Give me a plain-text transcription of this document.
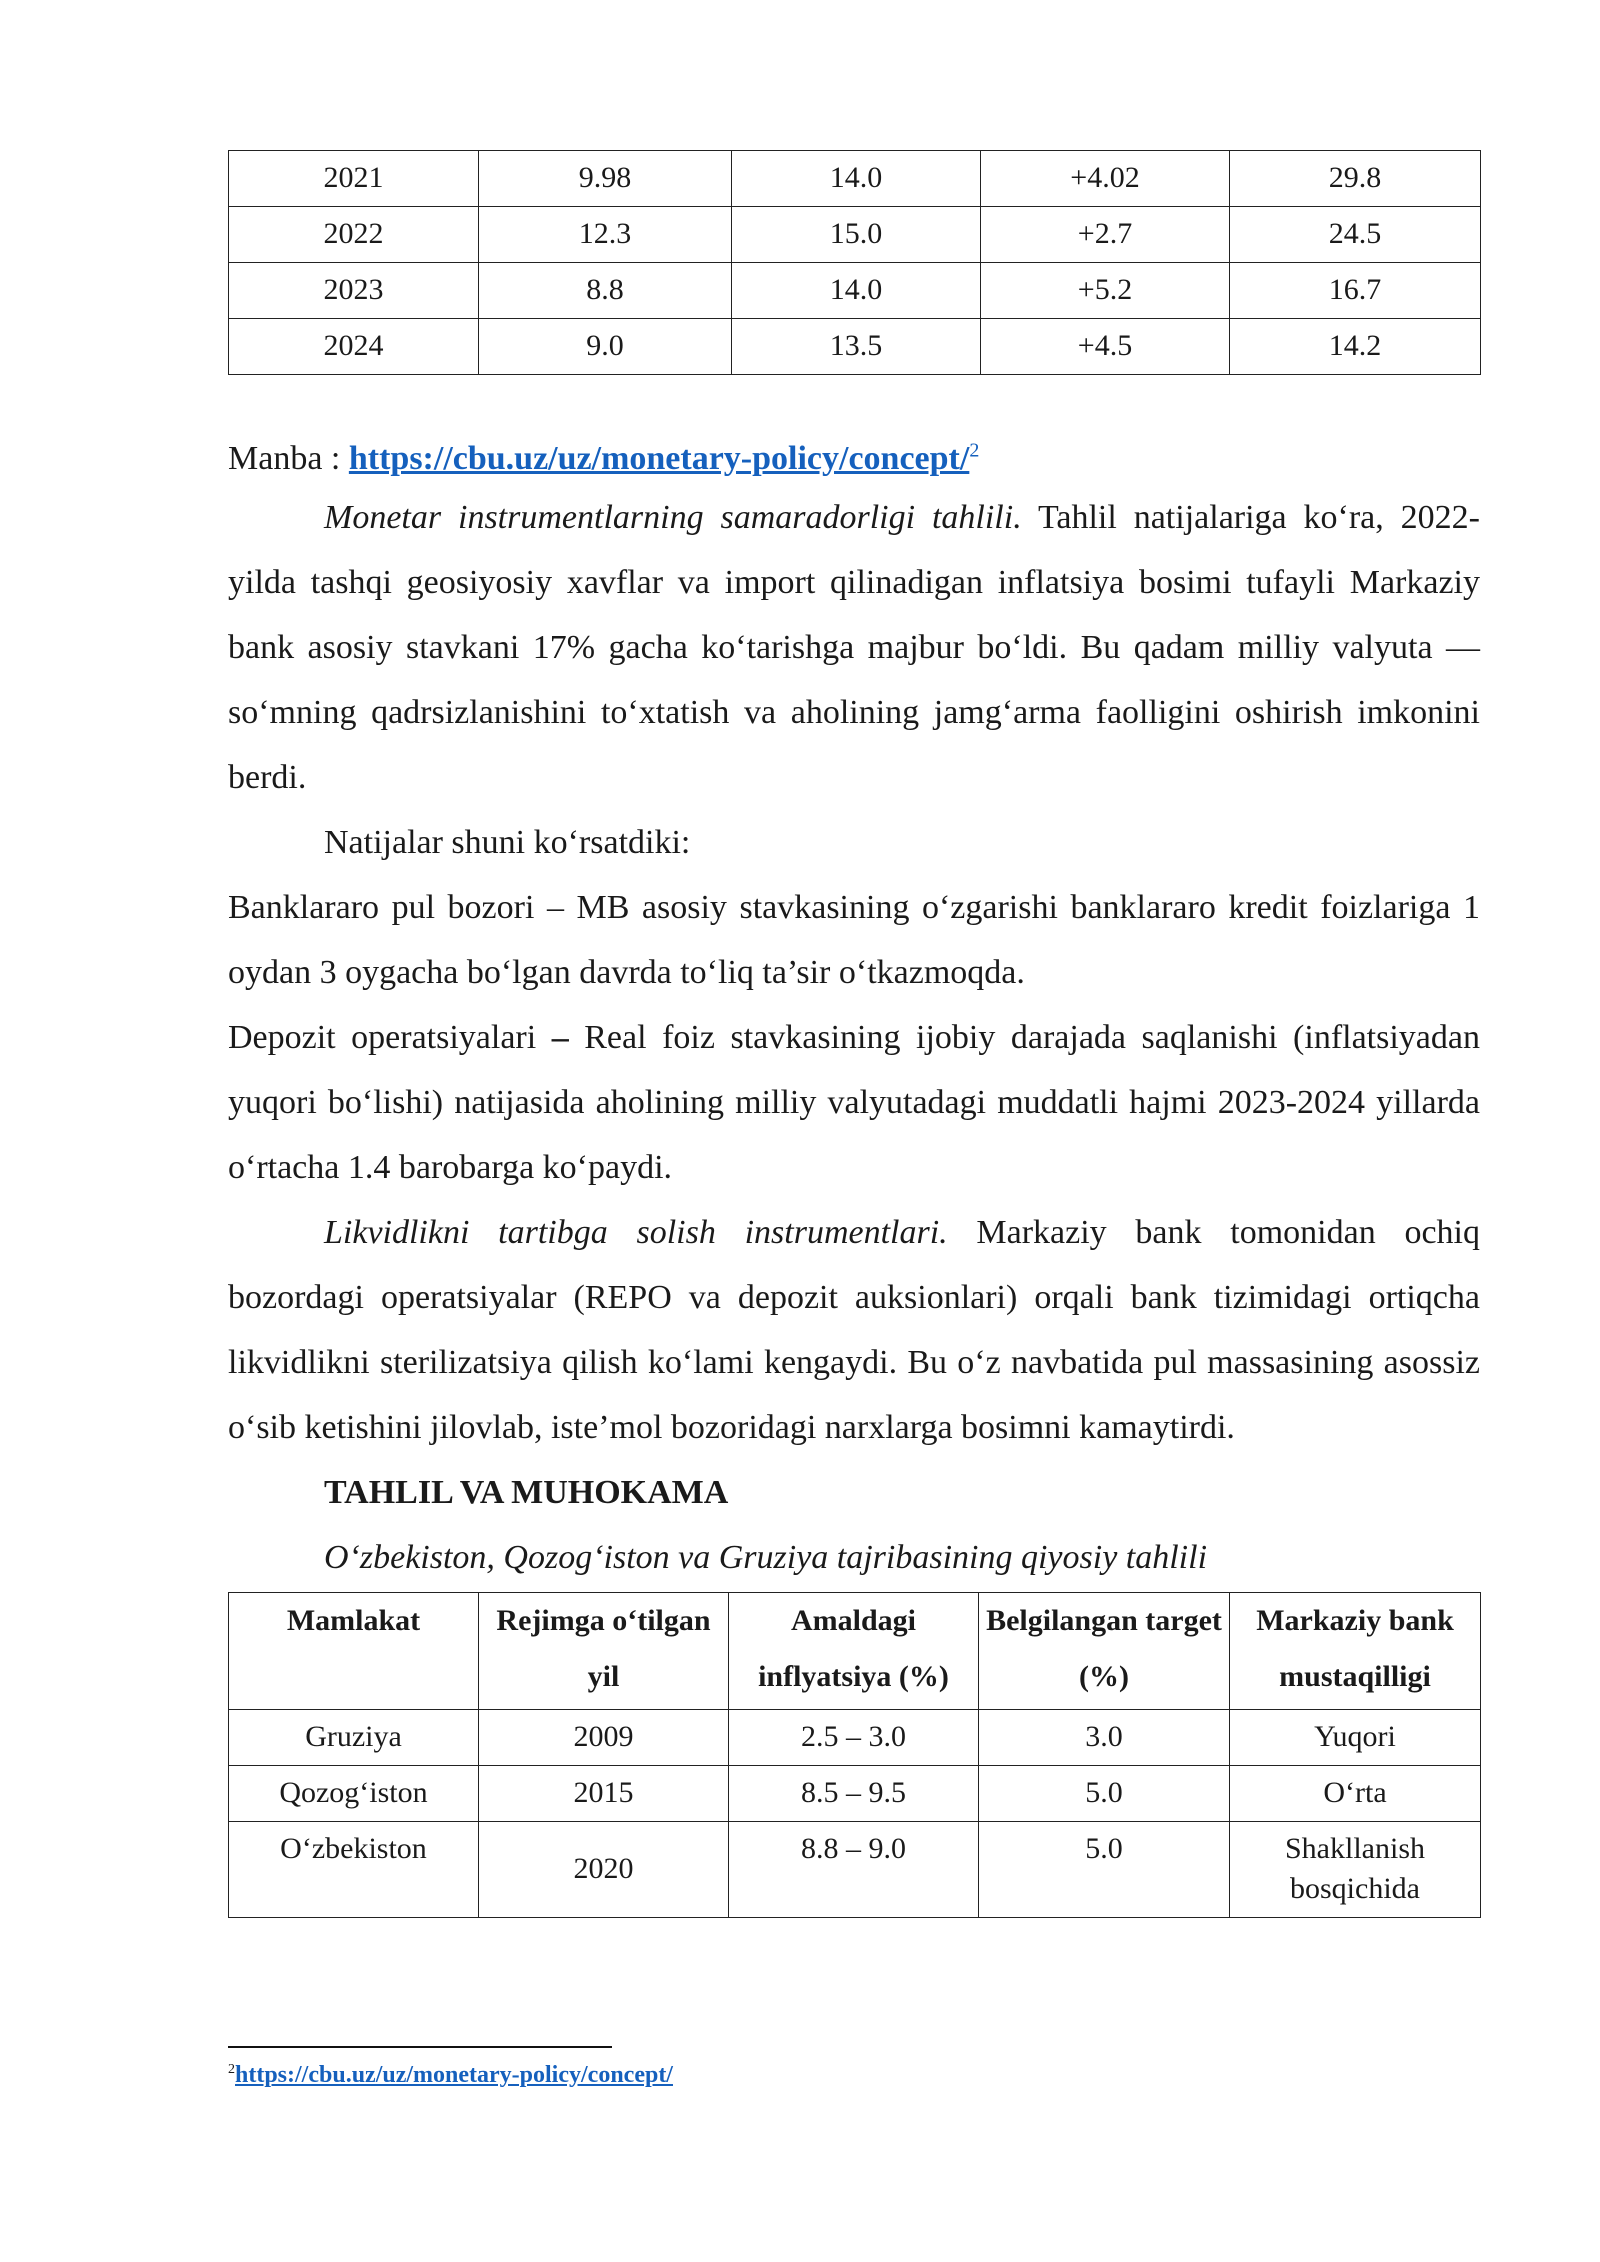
2021	9.98	14.0	+4.02	29.8
2022	12.3	15.0	+2.7	24.5
2023	8.8	14.0	+5.2	16.7
2024	9.0	13.5	+4.5	14.2
Manba : https://cbu.uz/uz/monetary-policy/concept/$^2$

Monetar instrumentlarning samaradorligi tahlili. Tahlil natijalariga ko‘ra, 2022-yilda tashqi geosiyosiy xavflar va import qilinadigan inflatsiya bosimi tufayli Markaziy bank asosiy stavkani 17% gacha ko‘tarishga majbur bo‘ldi. Bu qadam milliy valyuta — so‘mning qadrsizlanishini to‘xtatish va aholining jamg‘arma faolligini oshirish imkonini berdi.

Natijalar shuni ko‘rsatdiki:

Banklararo pul bozori – MB asosiy stavkasining o‘zgarishi banklararo kredit foizlariga 1 oydan 3 oygacha bo‘lgan davrda to‘liq ta’sir o‘tkazmoqda.

Depozit operatsiyalari – Real foiz stavkasining ijobiy darajada saqlanishi (inflatsiyadan yuqori bo‘lishi) natijasida aholining milliy valyutadagi muddatli hajmi 2023-2024 yillarda o‘rtacha 1.4 barobarga ko‘paydi.

Likvidlikni tartibga solish instrumentlari. Markaziy bank tomonidan ochiq bozordagi operatsiyalar (REPO va depozit auksionlari) orqali bank tizimidagi ortiqcha likvidlikni sterilizatsiya qilish ko‘lami kengaydi. Bu o‘z navbatida pul massasining asossiz o‘sib ketishini jilovlab, iste’mol bozoridagi narxlarga bosimni kamaytirdi.

TAHLIL VA MUHOKAMA
O‘zbekiston, Qozog‘iston va Gruziya tajribasining qiyosiy tahlili
Mamlakat	Rejimga o‘tilgan yil	Amaldagi inflyatsiya (%)	Belgilangan target (%)	Markaziy bank mustaqilligi
Gruziya	2009	2.5 – 3.0	3.0	Yuqori
Qozog‘iston	2015	8.5 – 9.5	5.0	O‘rta
O‘zbekiston	2020	8.8 – 9.0	5.0	Shakllanish bosqichida
$^2$https://cbu.uz/uz/monetary-policy/concept/
